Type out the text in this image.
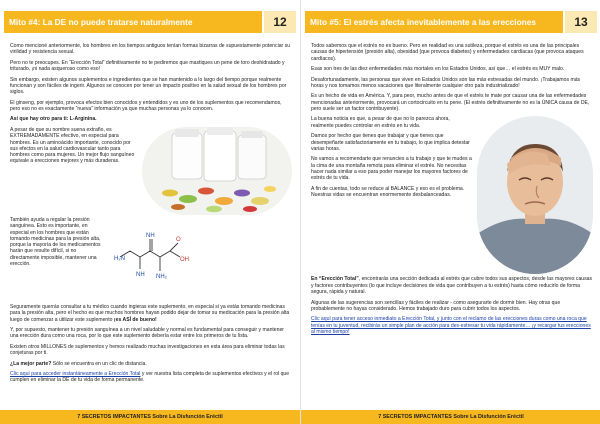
Mito #4: La DE no puede tratarse naturalmente	12

Como mencioné anteriormente, los hombres en los tiempos antiguos tenían formas bizarras de supuestamente potenciar su virilidad y resistencia sexual.

Pero no te preocupes. En “Erección Total” definitivamente no te pediremos que mastiques un pene de toro deshidratado y triturado, ¡ni nada asqueroso como eso!

Sin embargo, existen algunos suplementos e ingredientes que se han mantenido a lo largo del tiempo porque realmente funcionan y son fáciles de ingerir. Algunos se conocen por tener un impacto positivo en la salud sexual de los hombres por siglos.

El ginseng, por ejemplo, provoca efectos bien conocidos y entendidos y es uno de los suplementos que recomendamos, pero eso no es exactamente “nueva” información ya que muchas personas ya lo conocen.

Así que hay otro para ti: L-Arginina.

A pesar de que su nombre suena extraño, es EXTREMADAMENTE efectivo, en especial para hombres. Es un aminoácido importante, conocido por sus efectos en la salud cardiovascular tanto para hombres como para mujeres. Un mejor flujo sanguíneo equivale a erecciones mejores y más duraderas.

También ayuda a regular la presión sanguínea. Esto es importante, en especial en los hombres que están tomando medicinas para la presión alta, porque la mayoría de los medicamentos harán que resulte difícil, si no directamente imposible, mantener una erección.

H₂N
NH
NH
NH₂
O
OH

Seguramente querrás consultar a tu médico cuando ingieras este suplemento, en especial si ya estás tomando medicinas para la presión alta, pero el hecho es que muchos hombres hayan podido dejar de tomar su medicación para la presión alta luego de comenzar a utilizar este suplemento ¡es ASÍ de bueno!

Y, por supuesto, mantener tu presión sanguínea a un nivel saludable y normal es fundamental para conseguir y mantener una erección dura como una roca, por lo que este suplemento debería estar entre los primeros de tu lista.

Existen otros MILLONES de suplementos y hemos realizado muchas investigaciones en esta área para eliminar todas las conjeturas por ti.

¿La mejor parte? Sólo se encuentra en un clic de distancia.

Clic aquí para acceder instantáneamente a Erección Total y ver nuestra lista completa de suplementos efectivos y el rol que cumplen en eliminar la DE de tu vida de forma permanente.

7 SECRETOS IMPACTANTES Sobre La Disfunción Eréctil
Mito #5: El estrés afecta inevitablemente a las erecciones	13

Todos sabemos que el estrés no es bueno. Pero en realidad es una sutileza, porque el estrés es una de las principales causas de hipertensión (presión alta), obesidad (que provoca diabetes) y enfermedades cardíacas (que provoca ataques cardíacos).

Esas son tres de las diez enfermedades más mortales en los Estados Unidos, así que… el estrés es MUY malo.

Desafortunadamente, las personas que viven en Estados Unidos son las más estresadas del mundo. ¡Trabajamos más horas y nos tomamos menos vacaciones que literalmente cualquier otro país industrializado!

Es un hecho de vida en América. Y, para peor, mucho antes de que el estrés te mate por causar una de las enfermedades mencionadas anteriormente, provocará un cortocircuito en tu pene. (El estrés definitivamente no es la ÚNICA causa de DE, pero suele ser un factor contribuyente).

La buena noticia es que, a pesar de que no lo parezca ahora, realmente puedes controlar en estrés en tu vida.

Damos por hecho que tienes que trabajar y que tienes que desempeñarte satisfactoriamente en tu trabajo, lo que implica detestar varias horas.

No vamos a recomendarte que renuncies a tu trabajo y que te mudes a la cima de una montaña remota para eliminar el estrés. No necesitas hacer nada similar a eso para poder manejar los mayores factores de estrés de tu vida.

A fin de cuentas, todo se reduce al BALANCE y eso es el problema. Nuestras vidas se encuentran enormemente desbalanceadas.

En “Erección Total”, encontrarás una sección dedicada al estrés que cubre todos sus aspectos, desde las mayores causas y factores contribuyentes (lo que incluye decisiones de vida que contribuyen a tu estrés) hasta cómo reducirlo de forma segura, rápida y natural.

Algunas de las sugerencias son sencillas y fáciles de realizar - como asegurarte de dormir bien. Hay otras que probablemente no hayas considerado. Hemos trabajado duro para cubrir todos los aspectos.

Clic aquí para tener acceso inmediato a Erección Total, y junto con el reclamo de las erecciones duras como una roca que tenías en tu juventud, recibirás un simple plan de acción para des-estresar tu vida rápidamente… ¡y recargar tus erecciones al mismo tiempo!

7 SECRETOS IMPACTANTES Sobre La Disfunción Eréctil
